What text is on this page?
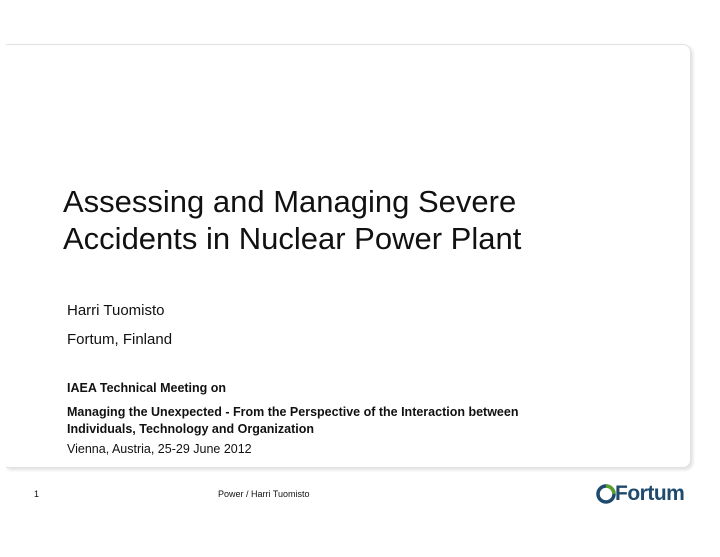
Assessing and Managing Severe
Accidents in Nuclear Power Plant
Harri Tuomisto
Fortum, Finland
IAEA Technical Meeting on
Managing the Unexpected - From the Perspective of the Interaction between
Individuals, Technology and Organization
Vienna, Austria, 25-29 June 2012
1	Power / Harri Tuomisto	Fortum
